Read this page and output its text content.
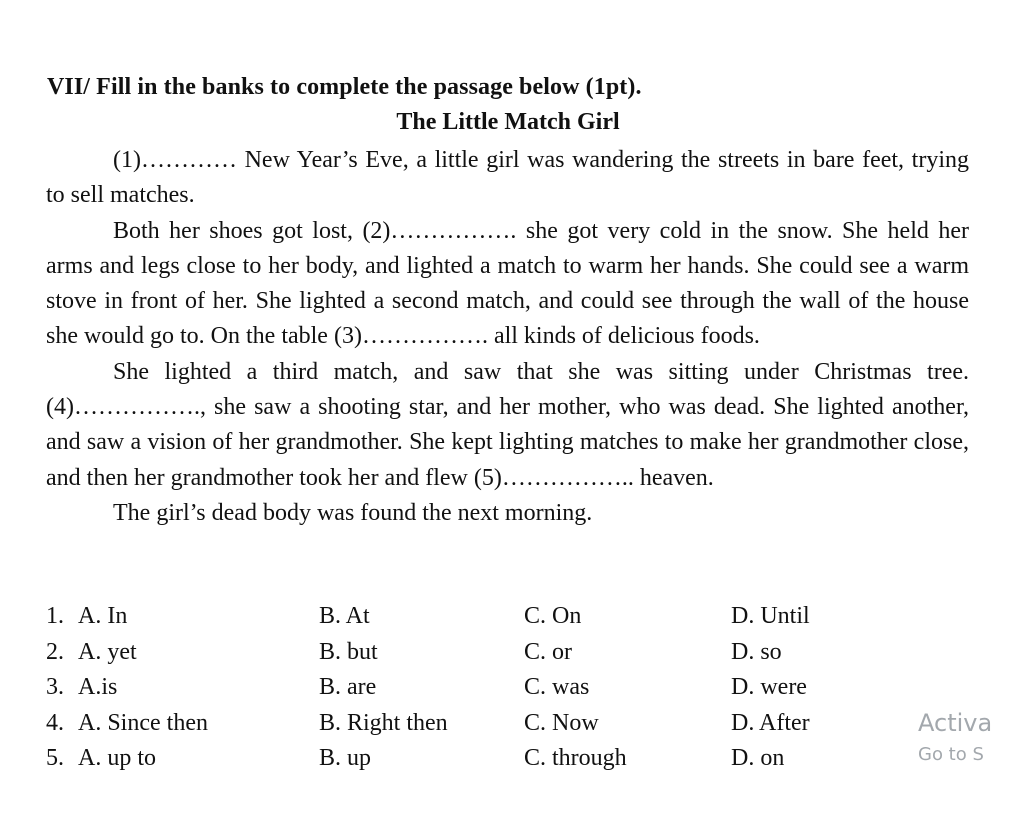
VII/ Fill in the banks to complete the passage below (1pt).
The Little Match Girl

(1)………… New Year’s Eve, a little girl was wandering the streets in bare feet, trying to sell matches.

Both her shoes got lost, (2)……………. she got very cold in the snow. She held her arms and legs close to her body, and lighted a match to warm her hands. She could see a warm stove in front of her. She lighted a second match, and could see through the wall of the house she would go to. On the table (3)……………. all kinds of delicious foods.

She lighted a third match, and saw that she was sitting under Christmas tree. (4)……………., she saw a shooting star, and her mother, who was dead. She lighted another, and saw a vision of her grandmother. She kept lighting matches to make her grandmother close, and then her grandmother took her and flew (5)…………….. heaven.

The girl’s dead body was found the next morning.

1. A. In	B. At	C. On	D. Until
2. A. yet	B. but	C. or	D. so
3. A.is	B. are	C. was	D. were
4. A. Since then	B. Right then	C. Now	D. After
5. A. up to	B. up	C. through	D. on
Activa
Go to S
